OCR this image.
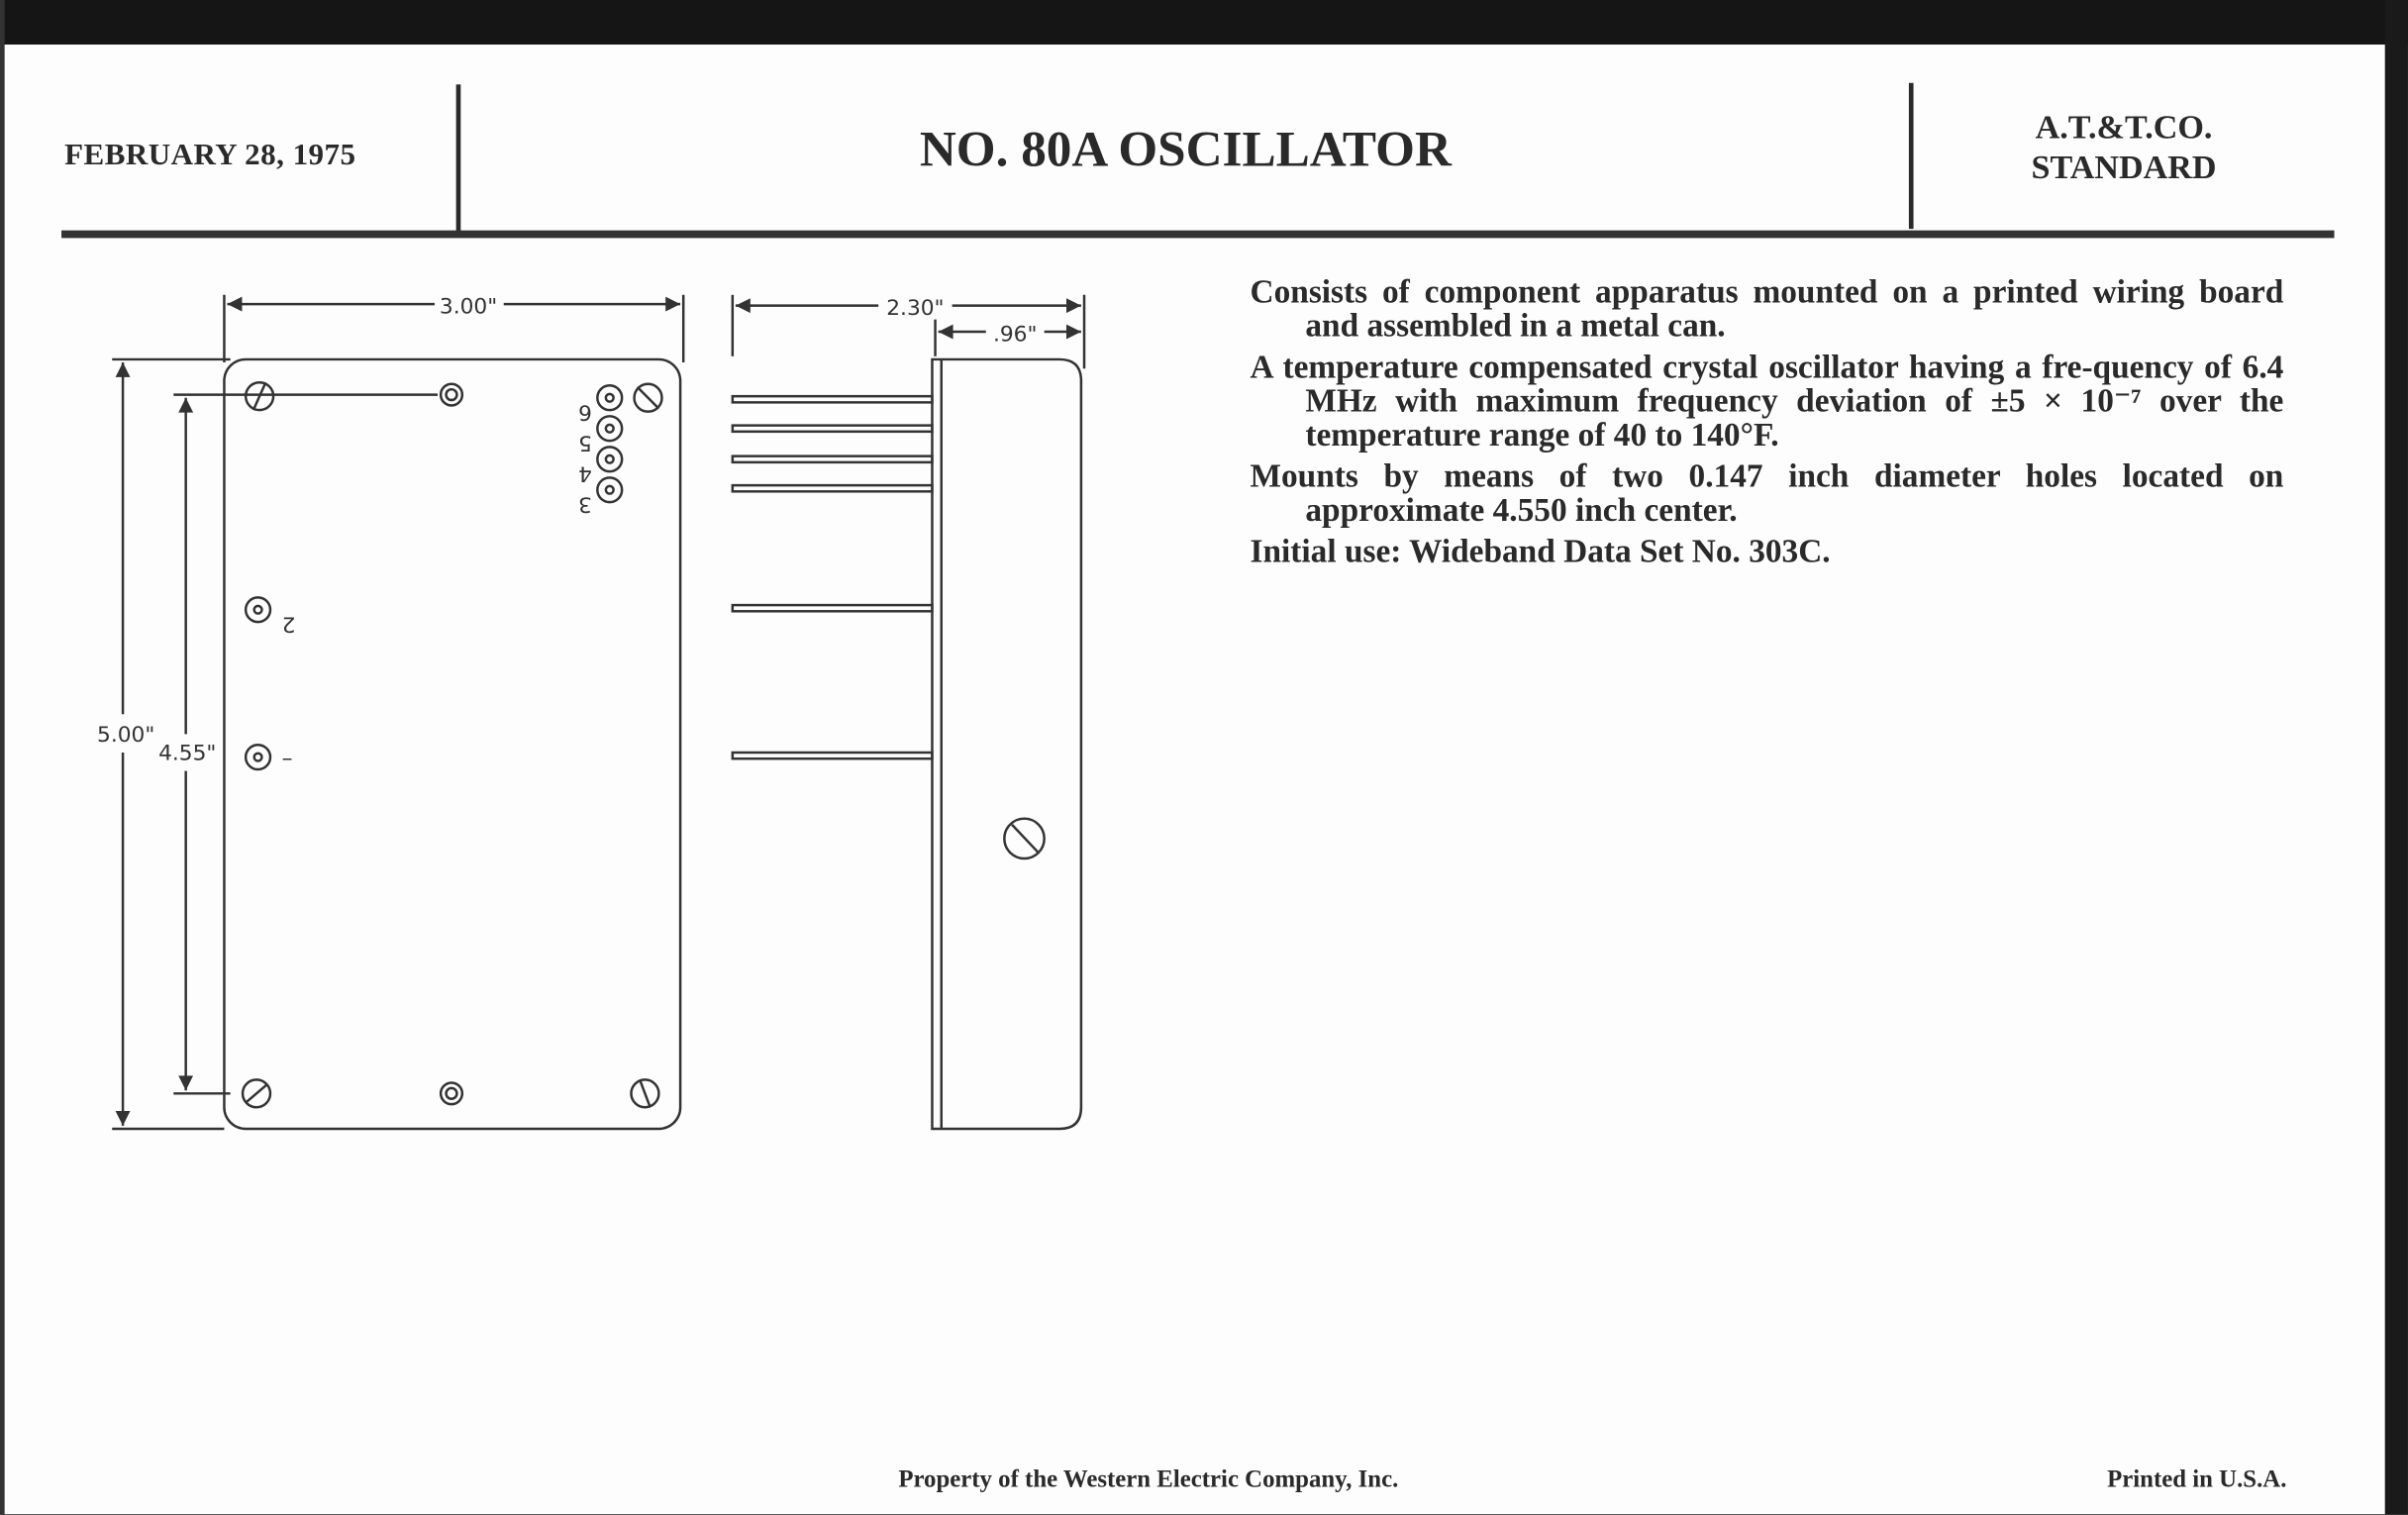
FEBRUARY 28, 1975	NO. 80A OSCILLATOR	A.T.&T.CO.
STANDARD

Consists of component apparatus mounted on a printed wiring board and assembled in a metal can.

A temperature compensated crystal oscillator having a fre-quency of 6.4 MHz with maximum frequency deviation of ±5 × 10⁻⁷ over the temperature range of 40 to 140°F.

Mounts by means of two 0.147 inch diameter holes located on approximate 4.550 inch center.

Initial use: Wideband Data Set No. 303C.

3.00"
5.00"
4.55"
2.30"
.96"
6
5
4
3
2
–
Property of the Western Electric Company, Inc.	Printed in U.S.A.
